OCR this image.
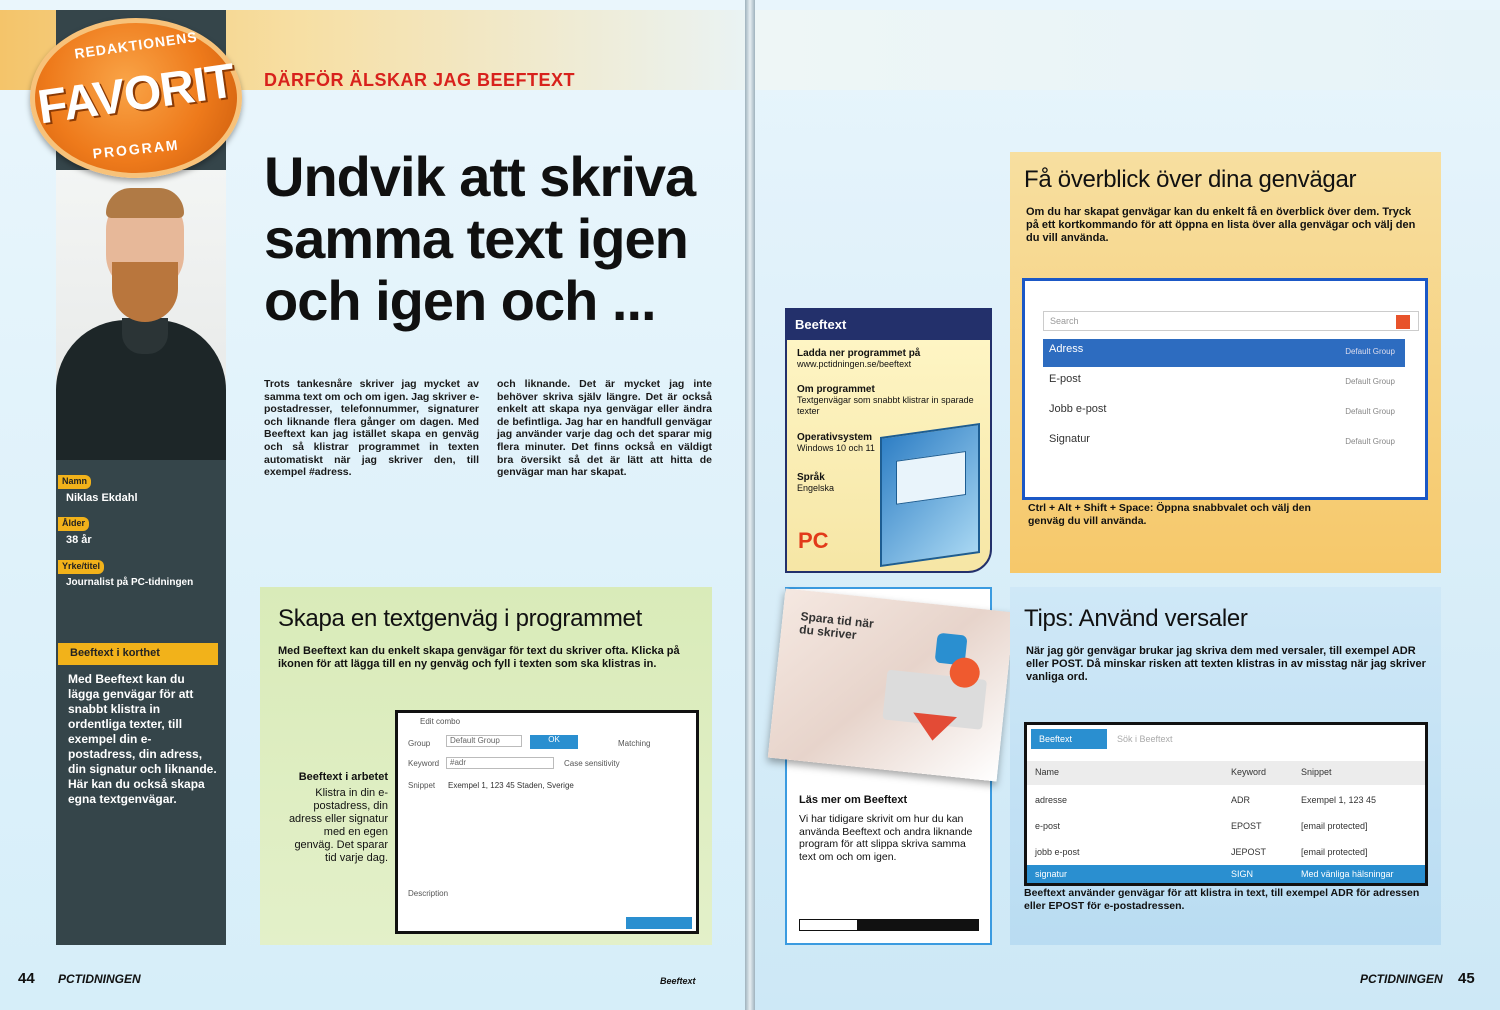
REDAKTIONENS
FAVORIT
PROGRAM
Namn
Niklas Ekdahl
Ålder
38 år
Yrke/titel
Journalist på PC-tidningen
Beeftext i korthet
Med Beeftext kan du lägga genvägar för att snabbt klistra in ordentliga texter, till exempel din e-postadress, din adress, din signatur och liknande. Här kan du också skapa egna textgenvägar.
DÄRFÖR ÄLSKAR JAG BEEFTEXT
Undvik att skriva samma text igen och igen och ...
Trots tankesnåre skriver jag mycket av samma text om och om igen. Jag skriver e-postadresser, telefonnummer, signaturer och liknande flera gånger om dagen. Med Beeftext kan jag istället skapa en genväg och så klistrar programmet in texten automatiskt när jag skriver den, till exempel #adress.
och liknande. Det är mycket jag inte behöver skriva själv längre. Det är också enkelt att skapa nya genvägar eller ändra de befintliga. Jag har en handfull genvägar jag använder varje dag och det sparar mig flera minuter. Det finns också en väldigt bra översikt så det är lätt att hitta de genvägar man har skapat.
Skapa en textgenväg i programmet
Med Beeftext kan du enkelt skapa genvägar för text du skriver ofta. Klicka på ikonen för att lägga till en ny genväg och fyll i texten som ska klistras in.
Beeftext i arbetet
Klistra in din e-postadress, din adress eller signatur med en egen genväg. Det sparar tid varje dag.
Edit combo
Group	Default Group	OK	Matching
Keyword	#adr	Case sensitivity
Snippet Exempel 1, 123 45 Staden, Sverige
Description
44 PCTIDNINGEN	Beeftext
Beeftext
Ladda ner programmet på
www.pctidningen.se/beeftext
Om programmet
Textgenvägar som snabbt klistrar in sparade texter
Operativsystem
Windows 10 och 11
Språk
Engelska
PC
Läs mer om Beeftext
Vi har tidigare skrivit om hur du kan använda Beeftext och andra liknande program för att slippa skriva samma text om och om igen.
Spara tid när du skriver
Få överblick över dina genvägar
Om du har skapat genvägar kan du enkelt få en överblick över dem. Tryck på ett kortkommando för att öppna en lista över alla genvägar och välj den du vill använda.
Ctrl + Alt + Shift + Space: Öppna snabbvalet och välj den genväg du vill använda.
Search
Adress	Default Group
E-post	Default Group
Jobb e-post	Default Group
Signatur	Default Group
Tips: Använd versaler
När jag gör genvägar brukar jag skriva dem med versaler, till exempel ADR eller POST. Då minskar risken att texten klistras in av misstag när jag skriver vanliga ord.
Beeftext använder genvägar för att klistra in text, till exempel ADR för adressen eller EPOST för e-postadressen.
Beeftext	Sök i Beeftext
Name	Keyword	Snippet
adresse	ADR	Exempel 1, 123 45
e-post	EPOST	[email protected]
jobb e-post	JEPOST	[email protected]
signatur	SIGN	Med vänliga hälsningar
PCTIDNINGEN 45
